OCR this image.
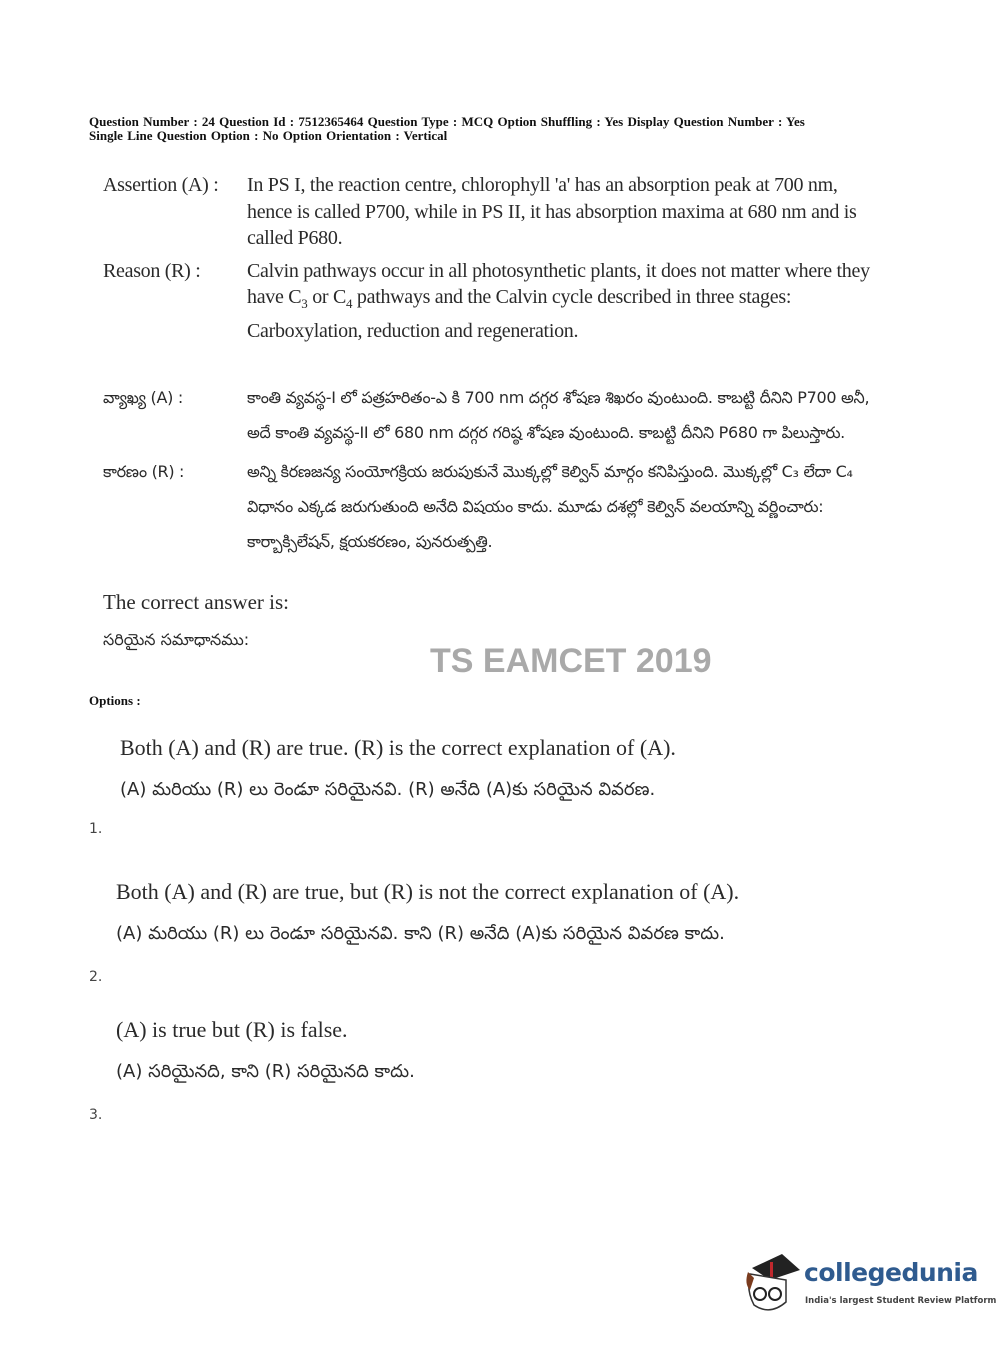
Question Number : 24 Question Id : 7512365464 Question Type : MCQ Option Shuffling : Yes Display Question Number : Yes
Single Line Question Option : No Option Orientation : Vertical
Assertion (A) :	In PS I, the reaction centre, chlorophyll 'a' has an absorption peak at 700 nm, hence is called P700, while in PS II, it has absorption maxima at 680 nm and is called P680.
Reason (R) :	Calvin pathways occur in all photosynthetic plants, it does not matter where they have $C_3$ or $C_4$ pathways and the Calvin cycle described in three stages: Carboxylation, reduction and regeneration.
వ్యాఖ్య (A) :	కాంతి వ్యవస్థ-I లో పత్రహరితం-ఎ కి 700 nm దగ్గర శోషణ శిఖరం వుంటుంది. కాబట్టి దీనిని P700 అనీ, అదే కాంతి వ్యవస్థ-II లో 680 nm దగ్గర గరిష్ఠ శోషణ వుంటుంది. కాబట్టి దీనిని P680 గా పిలుస్తారు.
కారణం (R) :	అన్ని కిరణజన్య సంయోగక్రియ జరుపుకునే మొక్కల్లో కెల్విన్ మార్గం కనిపిస్తుంది. మొక్కల్లో C₃ లేదా C₄ విధానం ఎక్కడ జరుగుతుంది అనేది విషయం కాదు. మూడు దశల్లో కెల్విన్ వలయాన్ని వర్ణించారు: కార్బాక్సిలేషన్, క్షయకరణం, పునరుత్పత్తి.
The correct answer is:
సరియైన సమాధానము:
TS EAMCET 2019
Options :
Both (A) and (R) are true. (R) is the correct explanation of (A).
(A) మరియు (R) లు రెండూ సరియైనవి. (R) అనేది (A)కు సరియైన వివరణ.
1.
Both (A) and (R) are true, but (R) is not the correct explanation of (A).
(A) మరియు (R) లు రెండూ సరియైనవి. కాని (R) అనేది (A)కు సరియైన వివరణ కాదు.
2.
(A) is true but (R) is false.
(A) సరియైనది, కాని (R) సరియైనది కాదు.
3.
collegedunia
India's largest Student Review Platform
